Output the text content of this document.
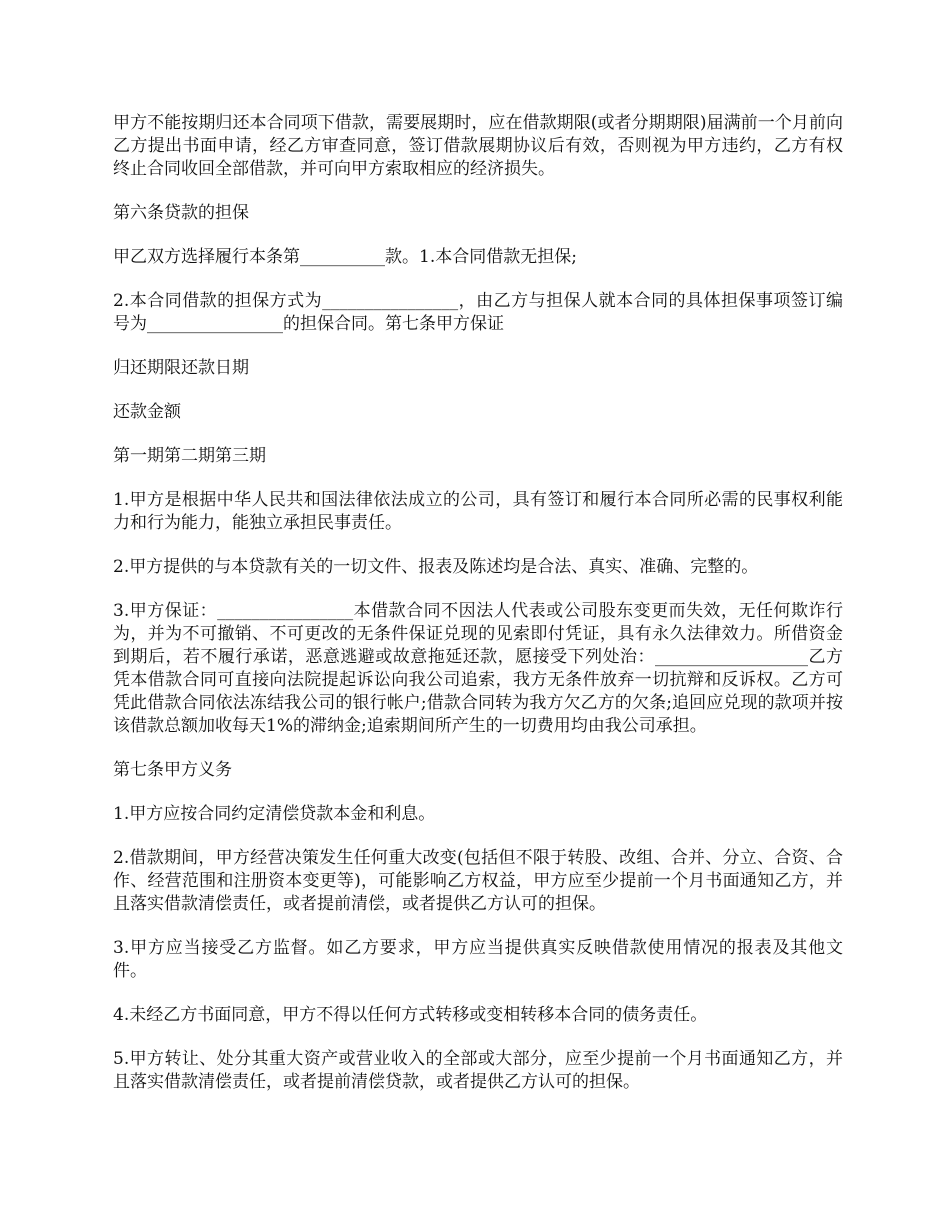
甲方不能按期归还本合同项下借款，需要展期时，应在借款期限(或者分期期限)届满前一个月前向乙方提出书面申请，经乙方审查同意，签订借款展期协议后有效，否则视为甲方违约，乙方有权终止合同收回全部借款，并可向甲方索取相应的经济损失。

第六条贷款的担保

甲乙双方选择履行本条第__________款。1.本合同借款无担保;

2.本合同借款的担保方式为________________，由乙方与担保人就本合同的具体担保事项签订编号为________________的担保合同。第七条甲方保证

归还期限还款日期

还款金额

第一期第二期第三期

1.甲方是根据中华人民共和国法律依法成立的公司，具有签订和履行本合同所必需的民事权利能力和行为能力，能独立承担民事责任。

2.甲方提供的与本贷款有关的一切文件、报表及陈述均是合法、真实、准确、完整的。

3.甲方保证：________________本借款合同不因法人代表或公司股东变更而失效，无任何欺诈行为，并为不可撤销、不可更改的无条件保证兑现的见索即付凭证，具有永久法律效力。所借资金到期后，若不履行承诺，恶意逃避或故意拖延还款，愿接受下列处治：__________________乙方凭本借款合同可直接向法院提起诉讼向我公司追索，我方无条件放弃一切抗辩和反诉权。乙方可凭此借款合同依法冻结我公司的银行帐户;借款合同转为我方欠乙方的欠条;追回应兑现的款项并按该借款总额加收每天1%的滞纳金;追索期间所产生的一切费用均由我公司承担。

第七条甲方义务

1.甲方应按合同约定清偿贷款本金和利息。

2.借款期间，甲方经营决策发生任何重大改变(包括但不限于转股、改组、合并、分立、合资、合作、经营范围和注册资本变更等)，可能影响乙方权益，甲方应至少提前一个月书面通知乙方，并且落实借款清偿责任，或者提前清偿，或者提供乙方认可的担保。

3.甲方应当接受乙方监督。如乙方要求，甲方应当提供真实反映借款使用情况的报表及其他文件。

4.未经乙方书面同意，甲方不得以任何方式转移或变相转移本合同的债务责任。

5.甲方转让、处分其重大资产或营业收入的全部或大部分，应至少提前一个月书面通知乙方，并且落实借款清偿责任，或者提前清偿贷款，或者提供乙方认可的担保。
